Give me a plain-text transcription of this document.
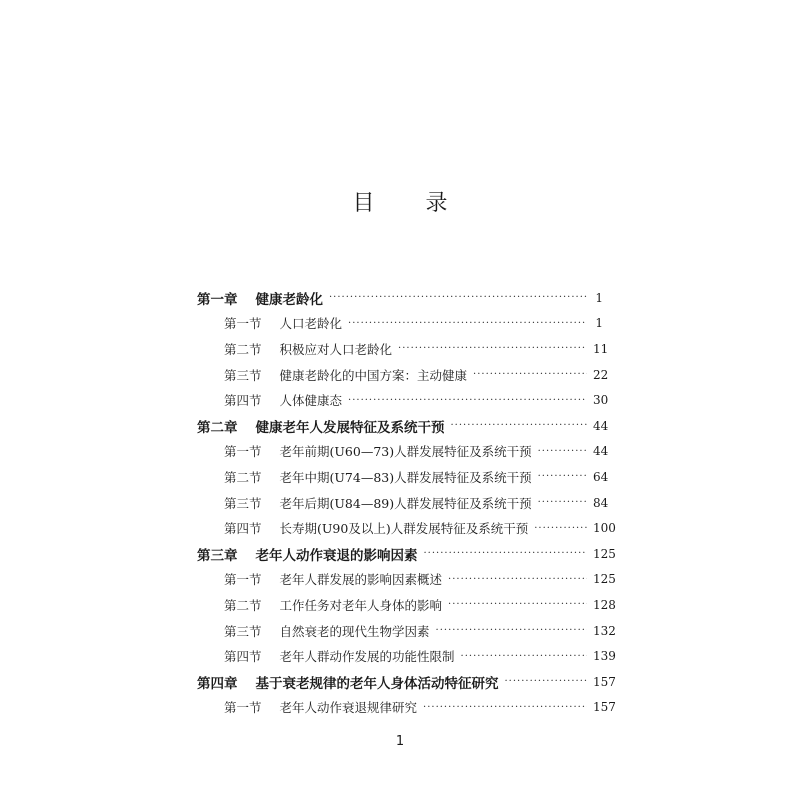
目 录
第一章 健康老龄化 ·····	1
第一节 人口老龄化 ·····	1
第二节 积极应对人口老龄化 ·····	11
第三节 健康老龄化的中国方案：主动健康 ·····	22
第四节 人体健康态 ·····	30
第二章 健康老年人发展特征及系统干预 ·····	44
第一节 老年前期(U60—73)人群发展特征及系统干预 ·····	44
第二节 老年中期(U74—83)人群发展特征及系统干预 ·····	64
第三节 老年后期(U84—89)人群发展特征及系统干预 ·····	84
第四节 长寿期(U90及以上)人群发展特征及系统干预 ·····	100
第三章 老年人动作衰退的影响因素 ·····	125
第一节 老年人群发展的影响因素概述 ·····	125
第二节 工作任务对老年人身体的影响 ·····	128
第三节 自然衰老的现代生物学因素 ·····	132
第四节 老年人群动作发展的功能性限制 ·····	139
第四章 基于衰老规律的老年人身体活动特征研究 ·····	157
第一节 老年人动作衰退规律研究 ·····	157
1
